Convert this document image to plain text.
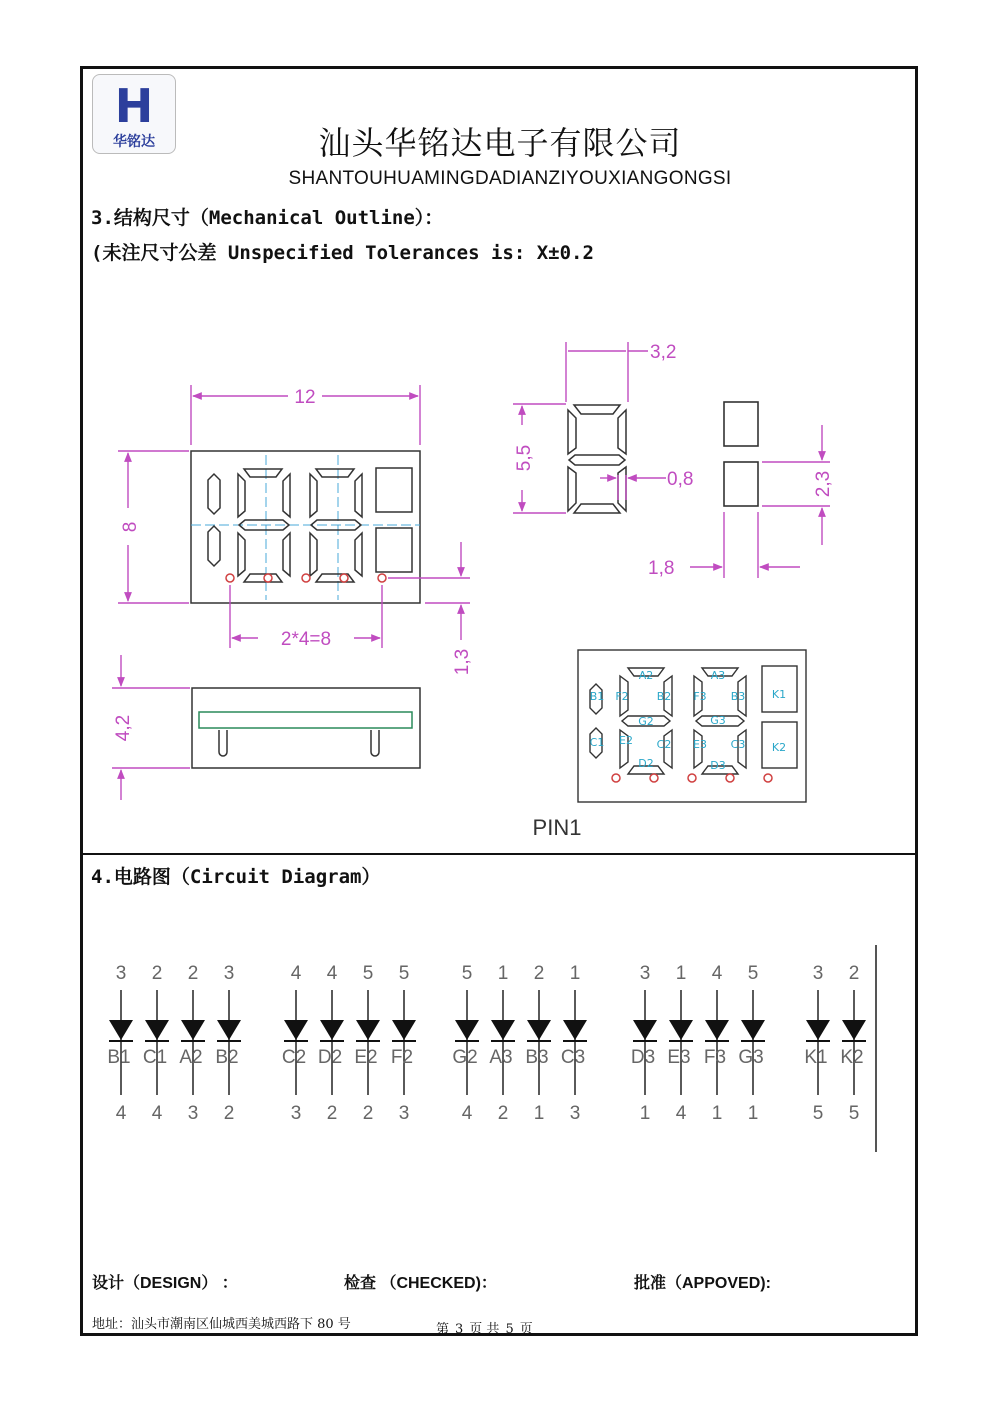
H
华铭达	汕头华铭达电子有限公司
SHANTOUHUAMINGDADIANZIYOUXIANGONGSI
3.结构尺寸（Mechanical Outline）：
(未注尺寸公差 Unspecified Tolerances is: X±0.2
12
8
2*4=8
1,3
4,2
3,2
5,5
0,8
1,8
2,3
A2
B2
C2
D2
E2
F2
G2
A3
B3
C3
D3
E3
F3
G3
B1
C1
K1
K2
PIN1
3
B1
4
2
C1
4
2
A2
3
3
B2
2
4
C2
3
4
D2
2
5
E2
2
5
F2
3
5
G2
4
1
A3
2
2
B3
1
1
C3
3
3
D3
1
1
E3
4
4
F3
1
5
G3
1
3
K1
5
2
K2
5
4.电路图（Circuit Diagram）
设计（DESIGN） ：	检查 （CHECKED)：	批准（APPOVED):
地址：汕头市潮南区仙城西美城西路下 80 号	第 3 页 共 5 页
